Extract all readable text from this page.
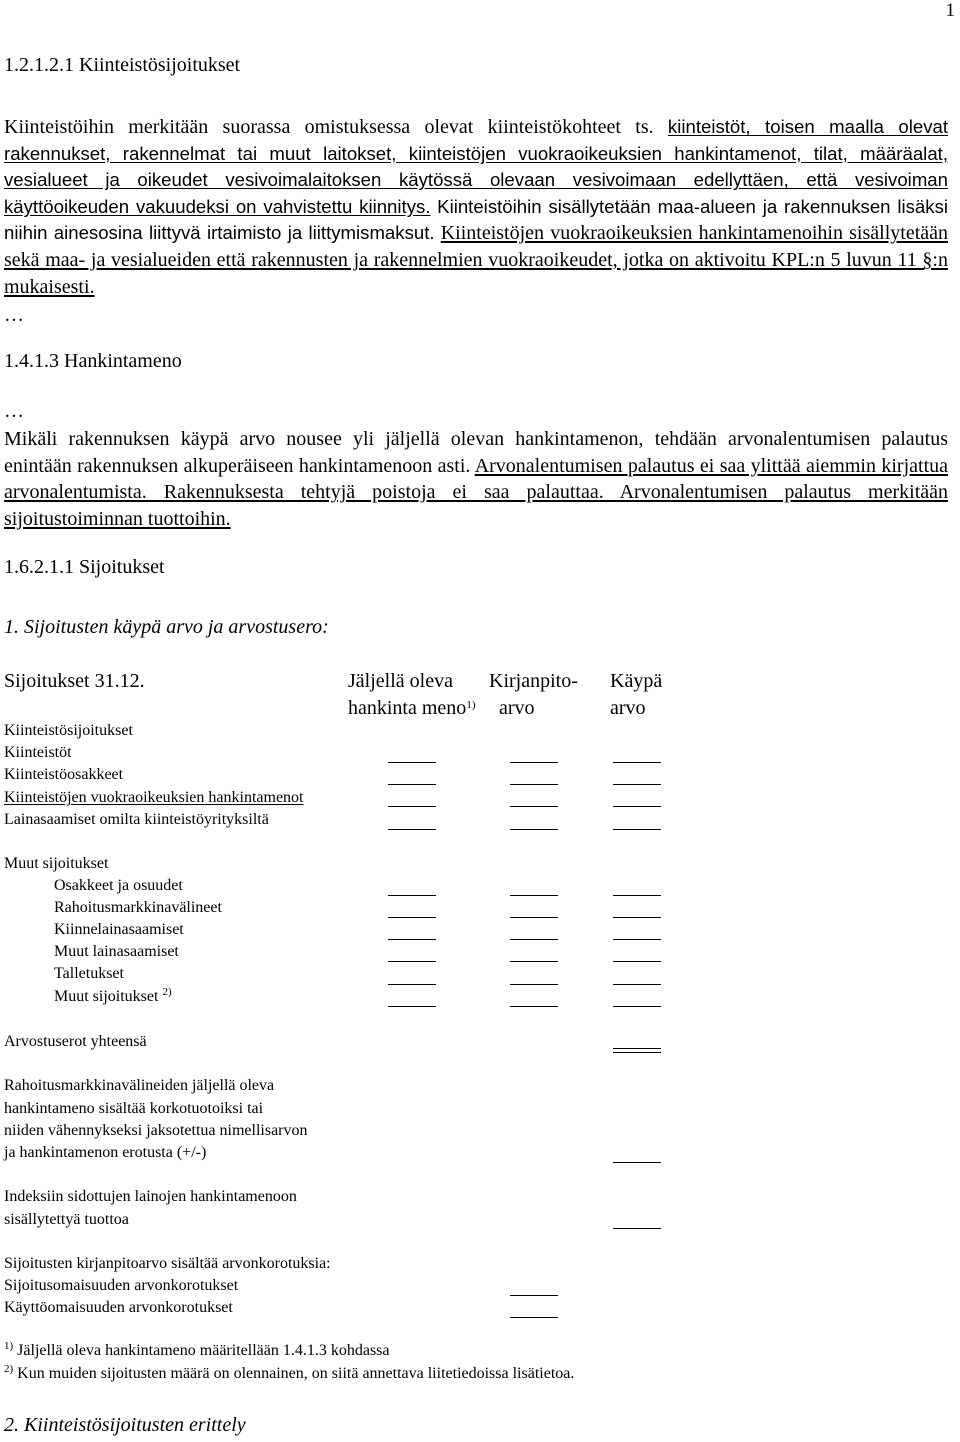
1
1.2.1.2.1 Kiinteistösijoitukset
Kiinteistöihin merkitään suorassa omistuksessa olevat kiinteistökohteet ts. kiinteistöt, toisen maalla olevat rakennukset, rakennelmat tai muut laitokset, kiinteistöjen vuokraoikeuksien hankintamenot, tilat, määräalat, vesialueet ja oikeudet vesivoimalaitoksen käytössä olevaan vesivoimaan edellyttäen, että vesivoiman käyttöoikeuden vakuudeksi on vahvistettu kiinnitys. Kiinteistöihin sisällytetään maa-alueen ja rakennuksen lisäksi niihin ainesosina liittyvä irtaimisto ja liittymismaksut. Kiinteistöjen vuokraoikeuksien hankintamenoihin sisällytetään sekä maa- ja vesialueiden että rakennusten ja rakennelmien vuokraoikeudet, jotka on aktivoitu KPL:n 5 luvun 11 §:n mukaisesti.
…
1.4.1.3 Hankintameno
…
Mikäli rakennuksen käypä arvo nousee yli jäljellä olevan hankintamenon, tehdään arvonalentumisen palautus enintään rakennuksen alkuperäiseen hankintamenoon asti. Arvonalentumisen palautus ei saa ylittää aiemmin kirjattua arvonalentumista. Rakennuksesta tehtyjä poistoja ei saa palauttaa. Arvonalentumisen palautus merkitään sijoitustoiminnan tuottoihin.
1.6.2.1.1 Sijoitukset
1. Sijoitusten käypä arvo ja arvostusero:
Sijoitukset 31.12.	Jäljellä oleva
hankinta meno$^{1)}$
Kirjanpito-
arvo
Käypä
arvo
Kiinteistösijoitukset
Kiinteistöt
Kiinteistöosakkeet
Kiinteistöjen vuokraoikeuksien hankintamenot
Lainasaamiset omilta kiinteistöyrityksiltä
Muut sijoitukset
Osakkeet ja osuudet
Rahoitusmarkkinavälineet
Kiinnelainasaamiset
Muut lainasaamiset
Talletukset
Muut sijoitukset $^{2)}$
Arvostuserot yhteensä
Rahoitusmarkkinavälineiden jäljellä oleva
hankintameno sisältää korkotuotoiksi tai
niiden vähennykseksi jaksotettua nimellisarvon
ja hankintamenon erotusta (+/-)
Indeksiin sidottujen lainojen hankintamenoon
sisällytettyä tuottoa
Sijoitusten kirjanpitoarvo sisältää arvonkorotuksia:
Sijoitusomaisuuden arvonkorotukset
Käyttöomaisuuden arvonkorotukset
$^{1)}$ Jäljellä oleva hankintameno määritellään 1.4.1.3 kohdassa
$^{2)}$ Kun muiden sijoitusten määrä on olennainen, on siitä annettava liitetiedoissa lisätietoa.
2. Kiinteistösijoitusten erittely
